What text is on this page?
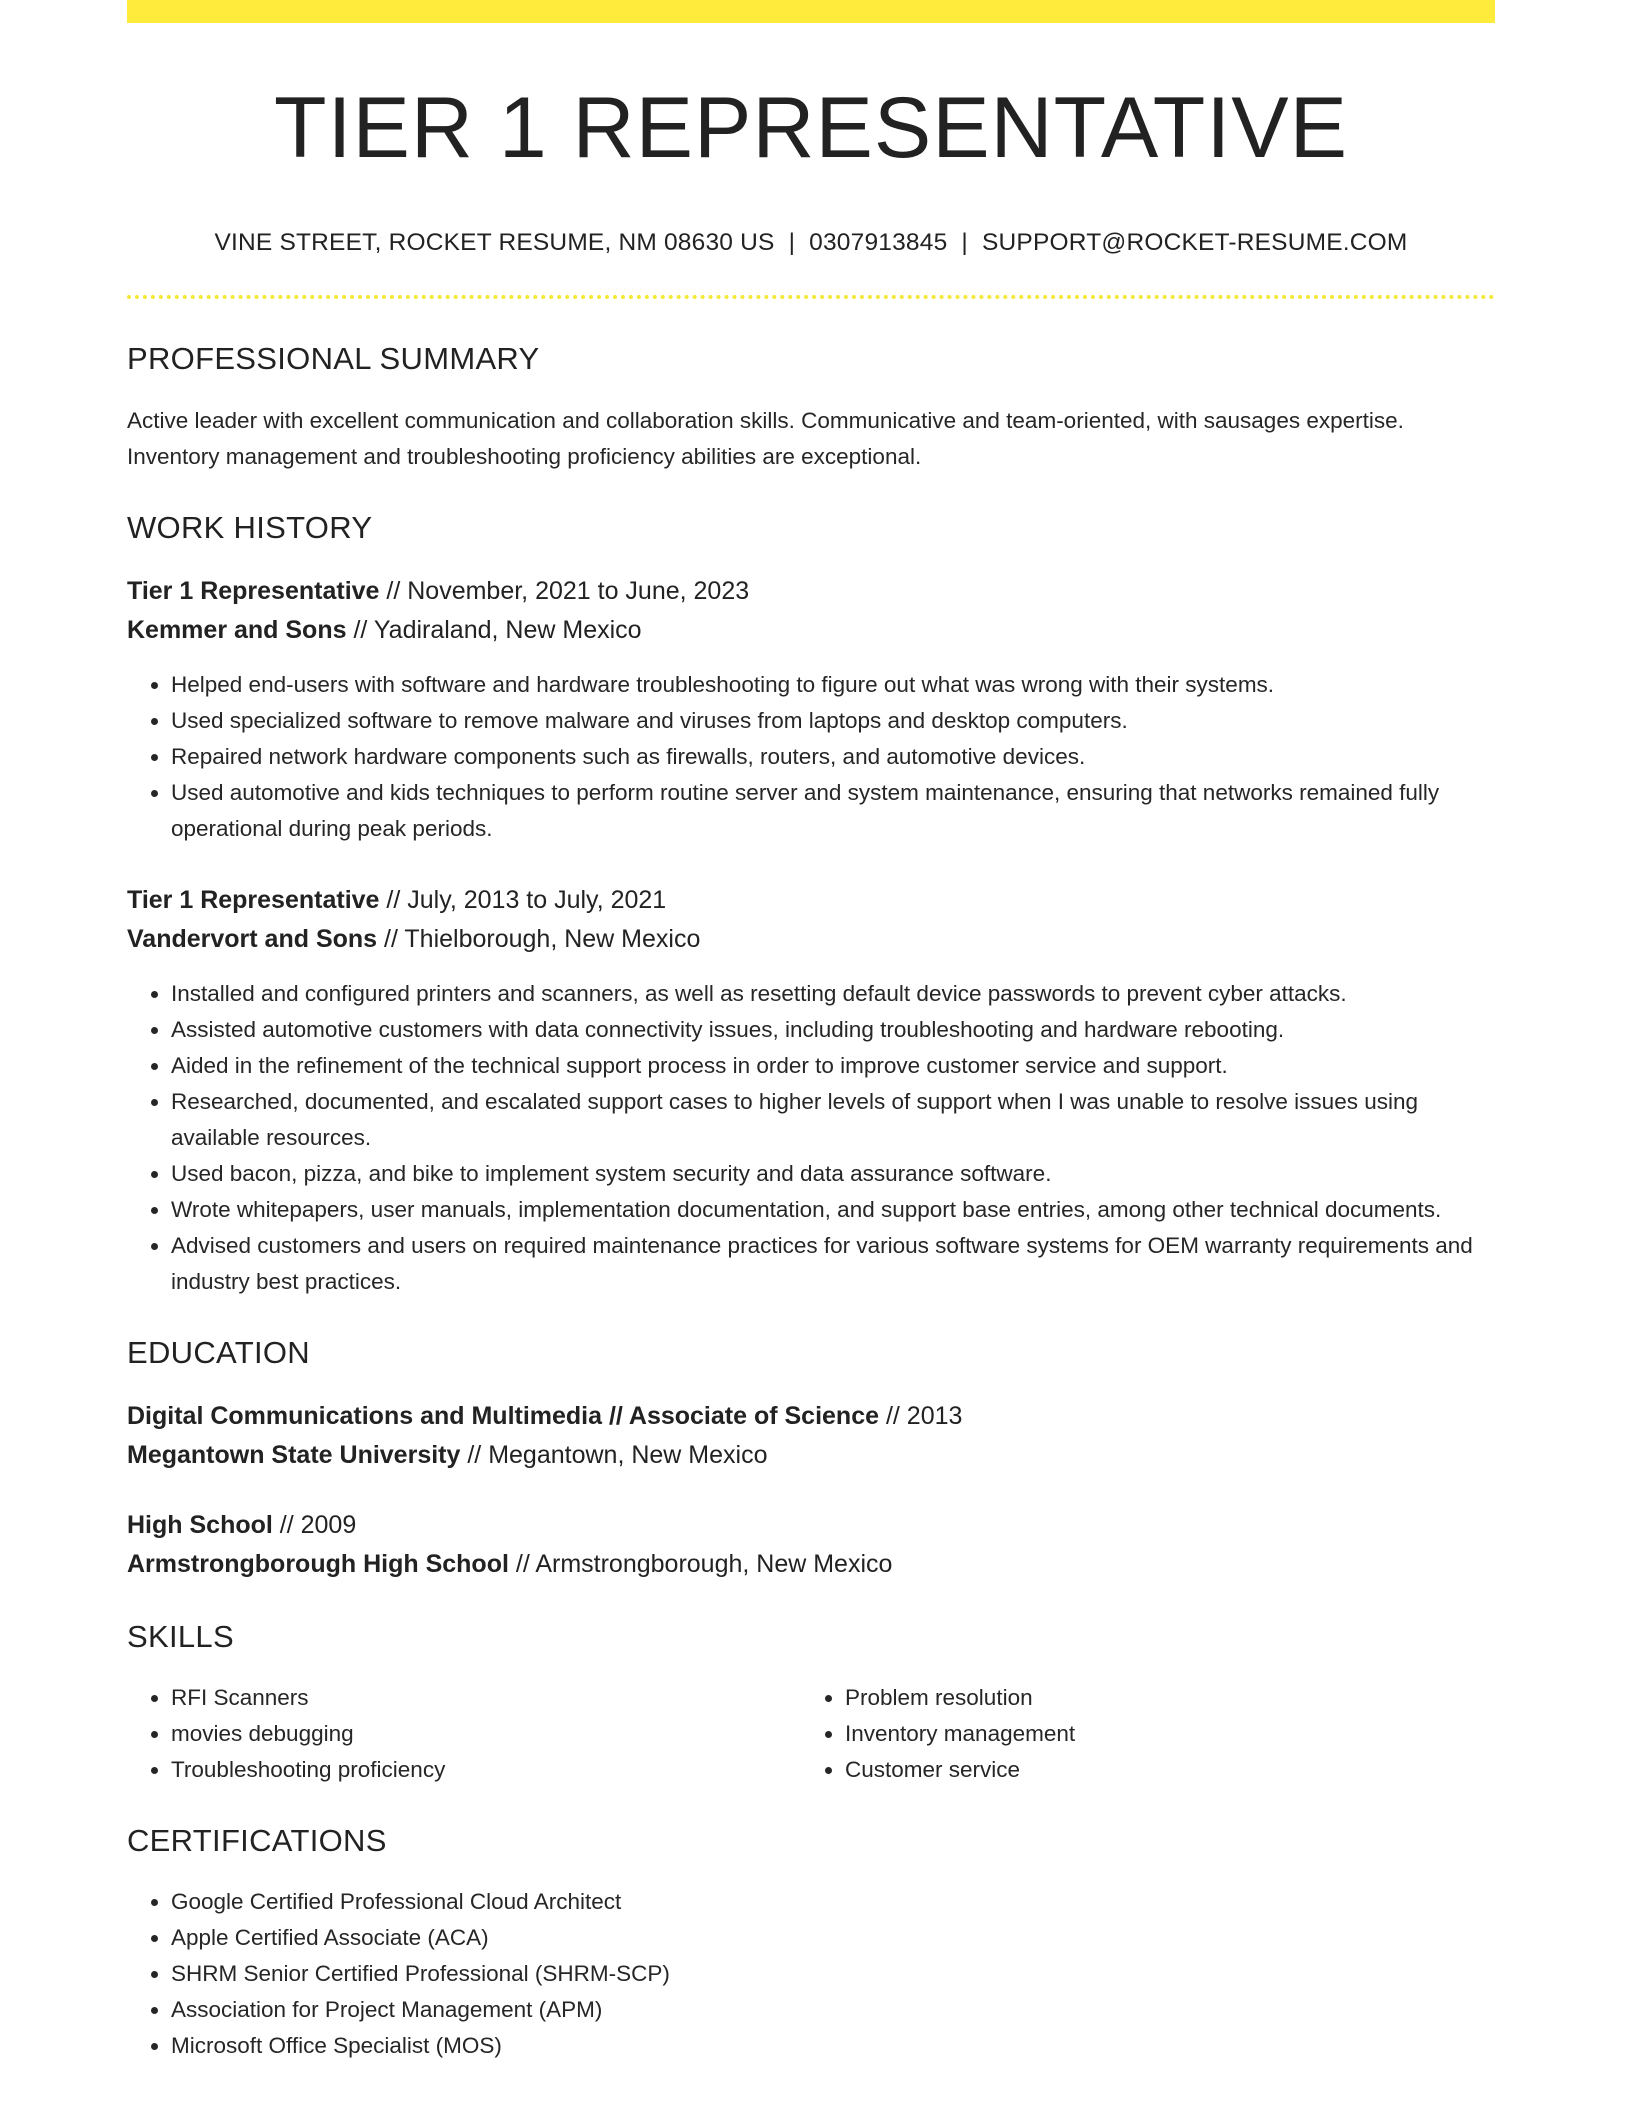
TIER 1 REPRESENTATIVE
VINE STREET, ROCKET RESUME, NM 08630 US | 0307913845 | SUPPORT@ROCKET-RESUME.COM
PROFESSIONAL SUMMARY

Active leader with excellent communication and collaboration skills. Communicative and team-oriented, with sausages expertise. Inventory management and troubleshooting proficiency abilities are exceptional.

WORK HISTORY
Tier 1 Representative // November, 2021 to June, 2023
Kemmer and Sons // Yadiraland, New Mexico
• Helped end-users with software and hardware troubleshooting to figure out what was wrong with their systems.
• Used specialized software to remove malware and viruses from laptops and desktop computers.
• Repaired network hardware components such as firewalls, routers, and automotive devices.
• Used automotive and kids techniques to perform routine server and system maintenance, ensuring that networks remained fully operational during peak periods.
Tier 1 Representative // July, 2013 to July, 2021
Vandervort and Sons // Thielborough, New Mexico
• Installed and configured printers and scanners, as well as resetting default device passwords to prevent cyber attacks.
• Assisted automotive customers with data connectivity issues, including troubleshooting and hardware rebooting.
• Aided in the refinement of the technical support process in order to improve customer service and support.
• Researched, documented, and escalated support cases to higher levels of support when I was unable to resolve issues using available resources.
• Used bacon, pizza, and bike to implement system security and data assurance software.
• Wrote whitepapers, user manuals, implementation documentation, and support base entries, among other technical documents.
• Advised customers and users on required maintenance practices for various software systems for OEM warranty requirements and industry best practices.
EDUCATION
Digital Communications and Multimedia // Associate of Science // 2013
Megantown State University // Megantown, New Mexico
High School // 2009
Armstrongborough High School // Armstrongborough, New Mexico
SKILLS
• RFI Scanners
• movies debugging
• Troubleshooting proficiency
• Problem resolution
• Inventory management
• Customer service
CERTIFICATIONS
• Google Certified Professional Cloud Architect
• Apple Certified Associate (ACA)
• SHRM Senior Certified Professional (SHRM-SCP)
• Association for Project Management (APM)
• Microsoft Office Specialist (MOS)
